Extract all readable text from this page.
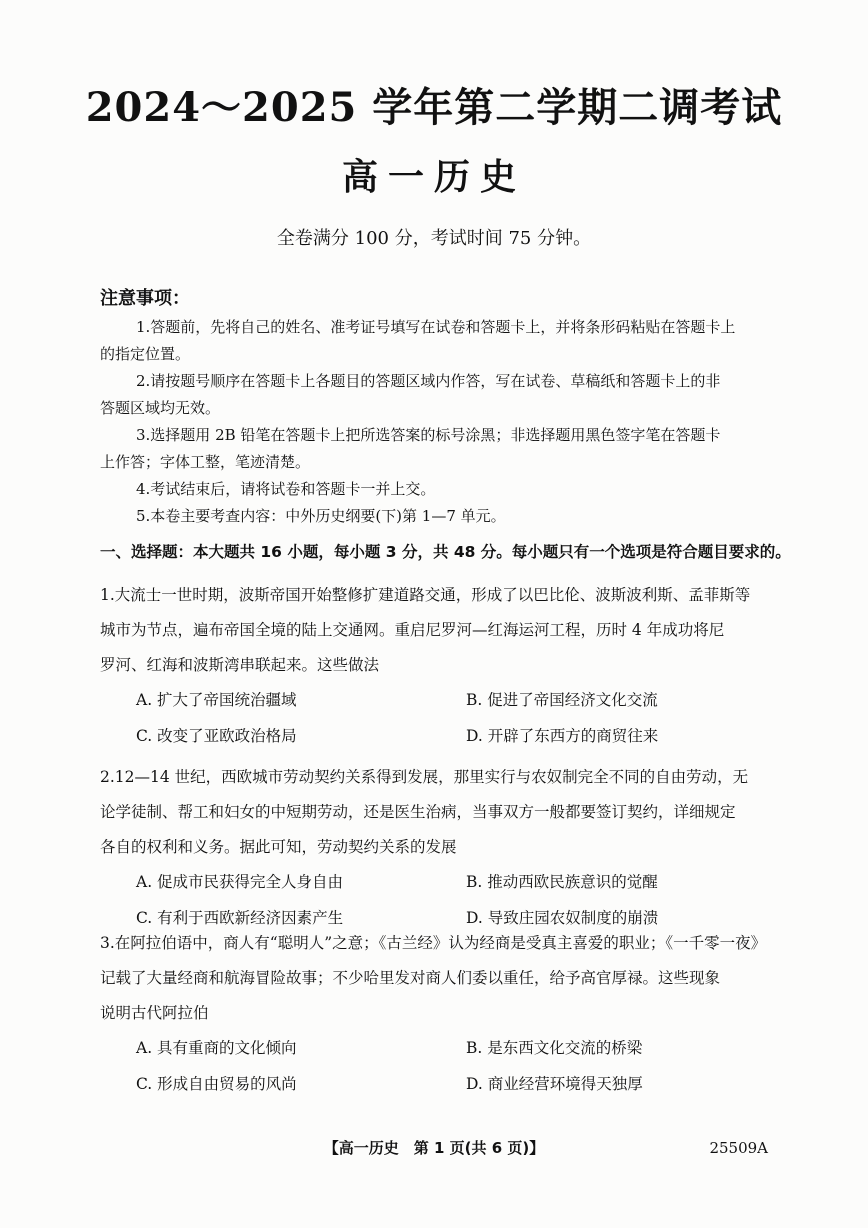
2024～2025 学年第二学期二调考试
高一历史
全卷满分 100 分，考试时间 75 分钟。
注意事项：

1.答题前，先将自己的姓名、准考证号填写在试卷和答题卡上，并将条形码粘贴在答题卡上

的指定位置。

2.请按题号顺序在答题卡上各题目的答题区域内作答，写在试卷、草稿纸和答题卡上的非

答题区域均无效。

3.选择题用 2B 铅笔在答题卡上把所选答案的标号涂黑；非选择题用黑色签字笔在答题卡

上作答；字体工整，笔迹清楚。

4.考试结束后，请将试卷和答题卡一并上交。

5.本卷主要考查内容：中外历史纲要(下)第 1—7 单元。

一、选择题：本大题共 16 小题，每小题 3 分，共 48 分。每小题只有一个选项是符合题目要求的。

1.大流士一世时期，波斯帝国开始整修扩建道路交通，形成了以巴比伦、波斯波利斯、孟菲斯等

城市为节点，遍布帝国全境的陆上交通网。重启尼罗河—红海运河工程，历时 4 年成功将尼

罗河、红海和波斯湾串联起来。这些做法

A. 扩大了帝国统治疆域	B. 促进了帝国经济文化交流
C. 改变了亚欧政治格局	D. 开辟了东西方的商贸往来

2.12—14 世纪，西欧城市劳动契约关系得到发展，那里实行与农奴制完全不同的自由劳动，无

论学徒制、帮工和妇女的中短期劳动，还是医生治病，当事双方一般都要签订契约，详细规定

各自的权利和义务。据此可知，劳动契约关系的发展

A. 促成市民获得完全人身自由	B. 推动西欧民族意识的觉醒
C. 有利于西欧新经济因素产生	D. 导致庄园农奴制度的崩溃

3.在阿拉伯语中，商人有“聪明人”之意；《古兰经》认为经商是受真主喜爱的职业；《一千零一夜》

记载了大量经商和航海冒险故事；不少哈里发对商人们委以重任，给予高官厚禄。这些现象

说明古代阿拉伯

A. 具有重商的文化倾向	B. 是东西文化交流的桥梁
C. 形成自由贸易的风尚	D. 商业经营环境得天独厚
【高一历史　第 1 页(共 6 页)】	25509A
